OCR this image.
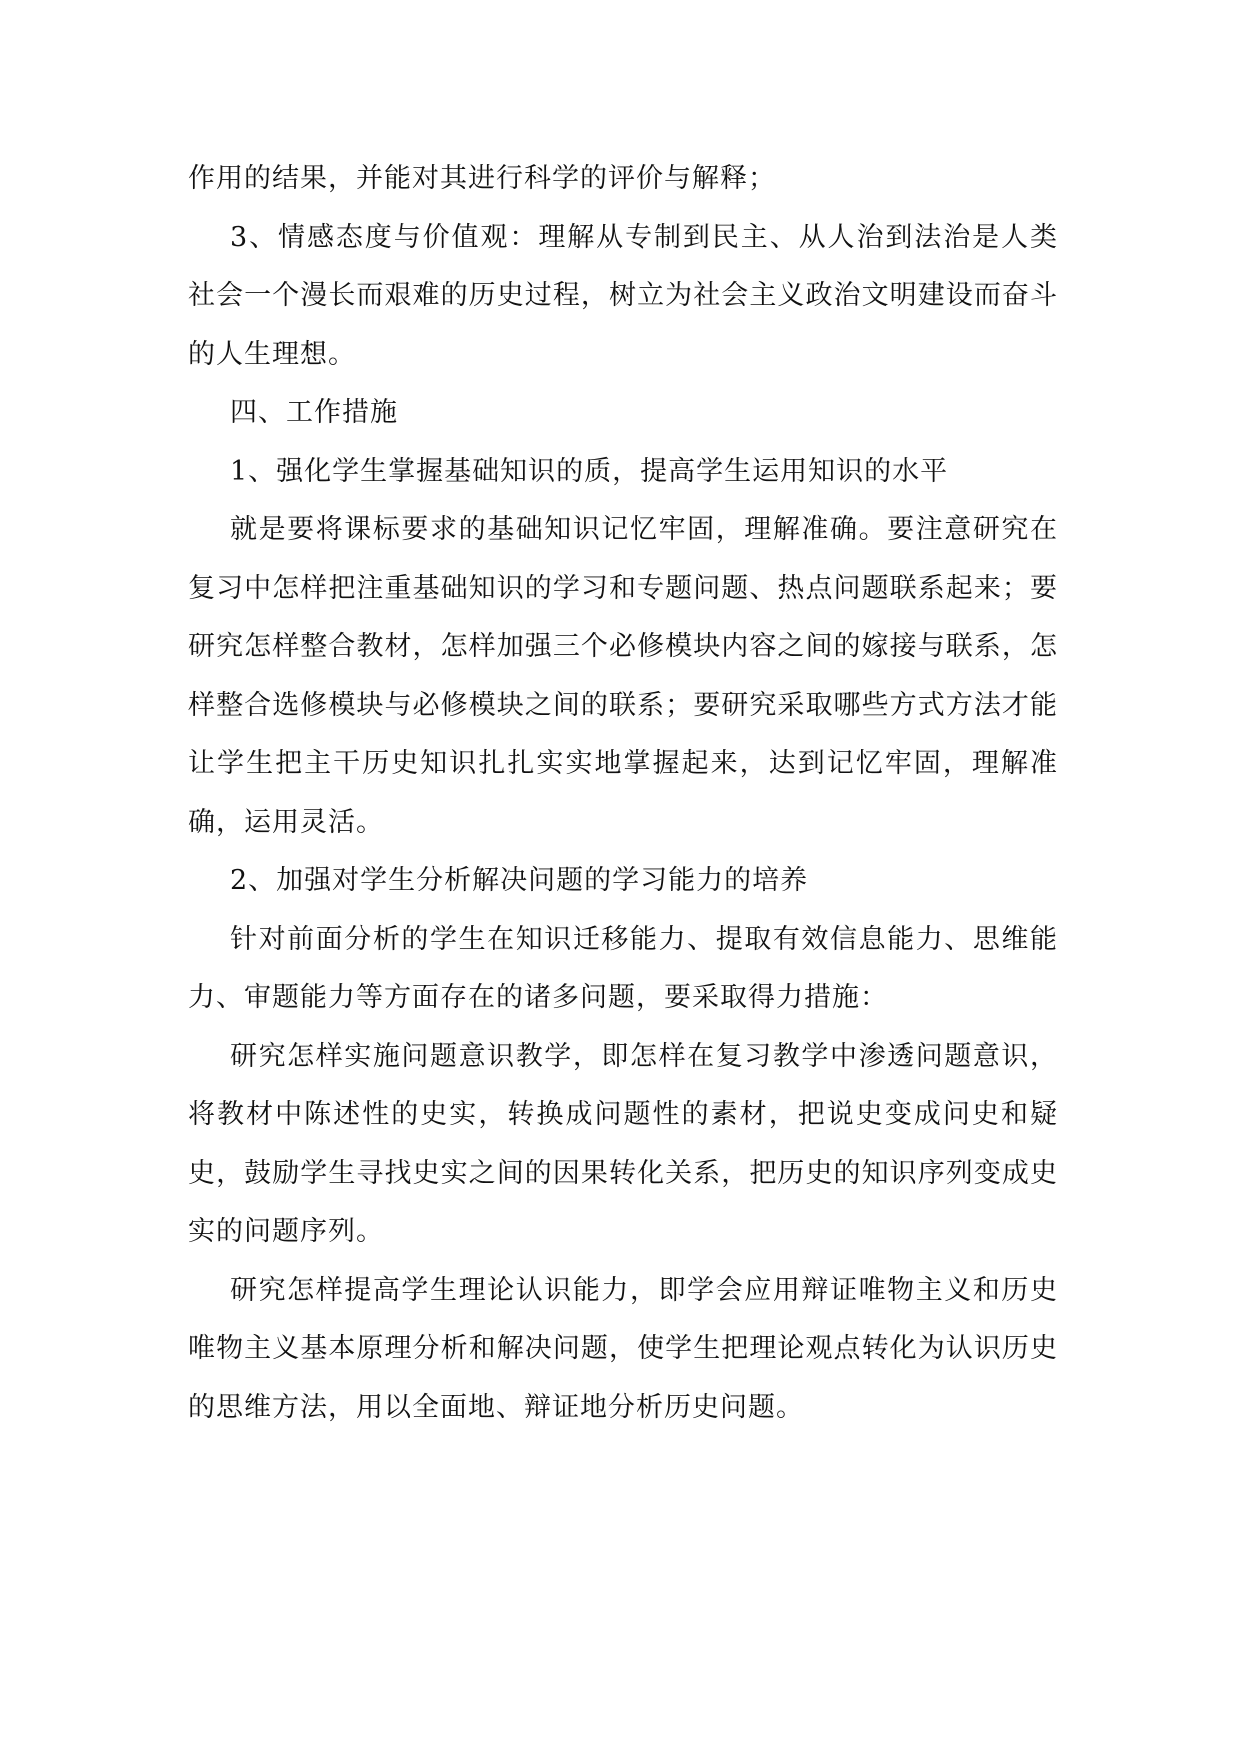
作用的结果，并能对其进行科学的评价与解释；

3、情感态度与价值观：理解从专制到民主、从人治到法治是人类社会一个漫长而艰难的历史过程，树立为社会主义政治文明建设而奋斗的人生理想。

四、工作措施

1、强化学生掌握基础知识的质，提高学生运用知识的水平

就是要将课标要求的基础知识记忆牢固，理解准确。要注意研究在复习中怎样把注重基础知识的学习和专题问题、热点问题联系起来；要研究怎样整合教材，怎样加强三个必修模块内容之间的嫁接与联系，怎样整合选修模块与必修模块之间的联系；要研究采取哪些方式方法才能让学生把主干历史知识扎扎实实地掌握起来，达到记忆牢固，理解准确，运用灵活。

2、加强对学生分析解决问题的学习能力的培养

针对前面分析的学生在知识迁移能力、提取有效信息能力、思维能力、审题能力等方面存在的诸多问题，要采取得力措施：

研究怎样实施问题意识教学，即怎样在复习教学中渗透问题意识，将教材中陈述性的史实，转换成问题性的素材，把说史变成问史和疑史，鼓励学生寻找史实之间的因果转化关系，把历史的知识序列变成史实的问题序列。

研究怎样提高学生理论认识能力，即学会应用辩证唯物主义和历史唯物主义基本原理分析和解决问题，使学生把理论观点转化为认识历史的思维方法，用以全面地、辩证地分析历史问题。
